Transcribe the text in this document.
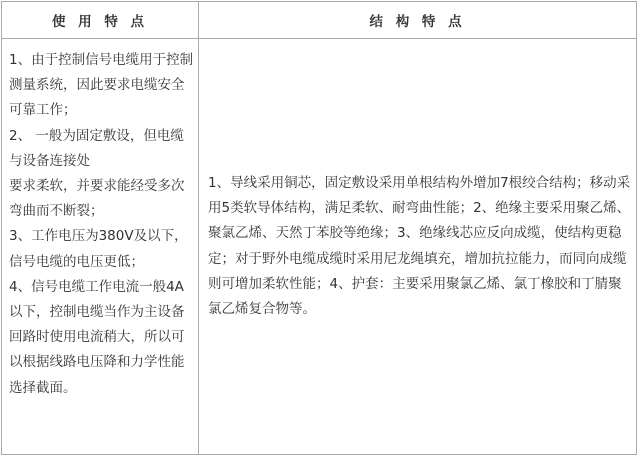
使 用 特 点	结 构 特 点
1、由于控制信号电缆用于控制
测量系统，因此要求电缆安全
可靠工作；
2、 一般为固定敷设，但电缆
与设备连接处
要求柔软，并要求能经受多次
弯曲而不断裂；
3、工作电压为380V及以下，
信号电缆的电压更低；
4、信号电缆工作电流一般4A
以下，控制电缆当作为主设备
回路时使用电流稍大，所以可
以根据线路电压降和力学性能
选择截面。
1、导线采用铜芯，固定敷设采用单根结构外增加7根绞合结构；移动采
用5类软导体结构，满足柔软、耐弯曲性能；2、绝缘主要采用聚乙烯、
聚氯乙烯、天然丁苯胶等绝缘；3、绝缘线芯应反向成缆，使结构更稳
定；对于野外电缆成缆时采用尼龙绳填充，增加抗拉能力，而同向成缆
则可增加柔软性能；4、护套：主要采用聚氯乙烯、氯丁橡胶和丁腈聚
氯乙烯复合物等。
